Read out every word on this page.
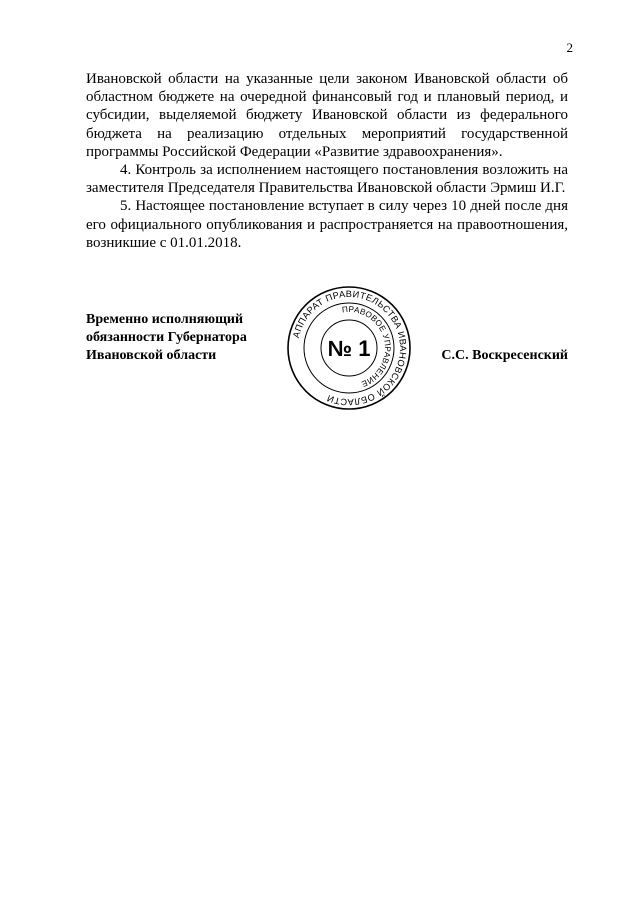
2

Ивановской области на указанные цели законом Ивановской области об областном бюджете на очередной финансовый год и плановый период, и субсидии, выделяемой бюджету Ивановской области из федерального бюджета на реализацию отдельных мероприятий государственной программы Российской Федерации «Развитие здравоохранения».

4. Контроль за исполнением настоящего постановления возложить на заместителя Председателя Правительства Ивановской области Эрмиш И.Г.

5. Настоящее постановление вступает в силу через 10 дней после дня его официального опубликования и распространяется на правоотношения, возникшие с 01.01.2018.

Временно исполняющий
обязанности Губернатора
Ивановской области
АППАРАТ ПРАВИТЕЛЬСТВА ИВАНОВСКОЙ ОБЛАСТИ
ПРАВОВОЕ УПРАВЛЕНИЕ
№ 1	С.С. Воскресенский
